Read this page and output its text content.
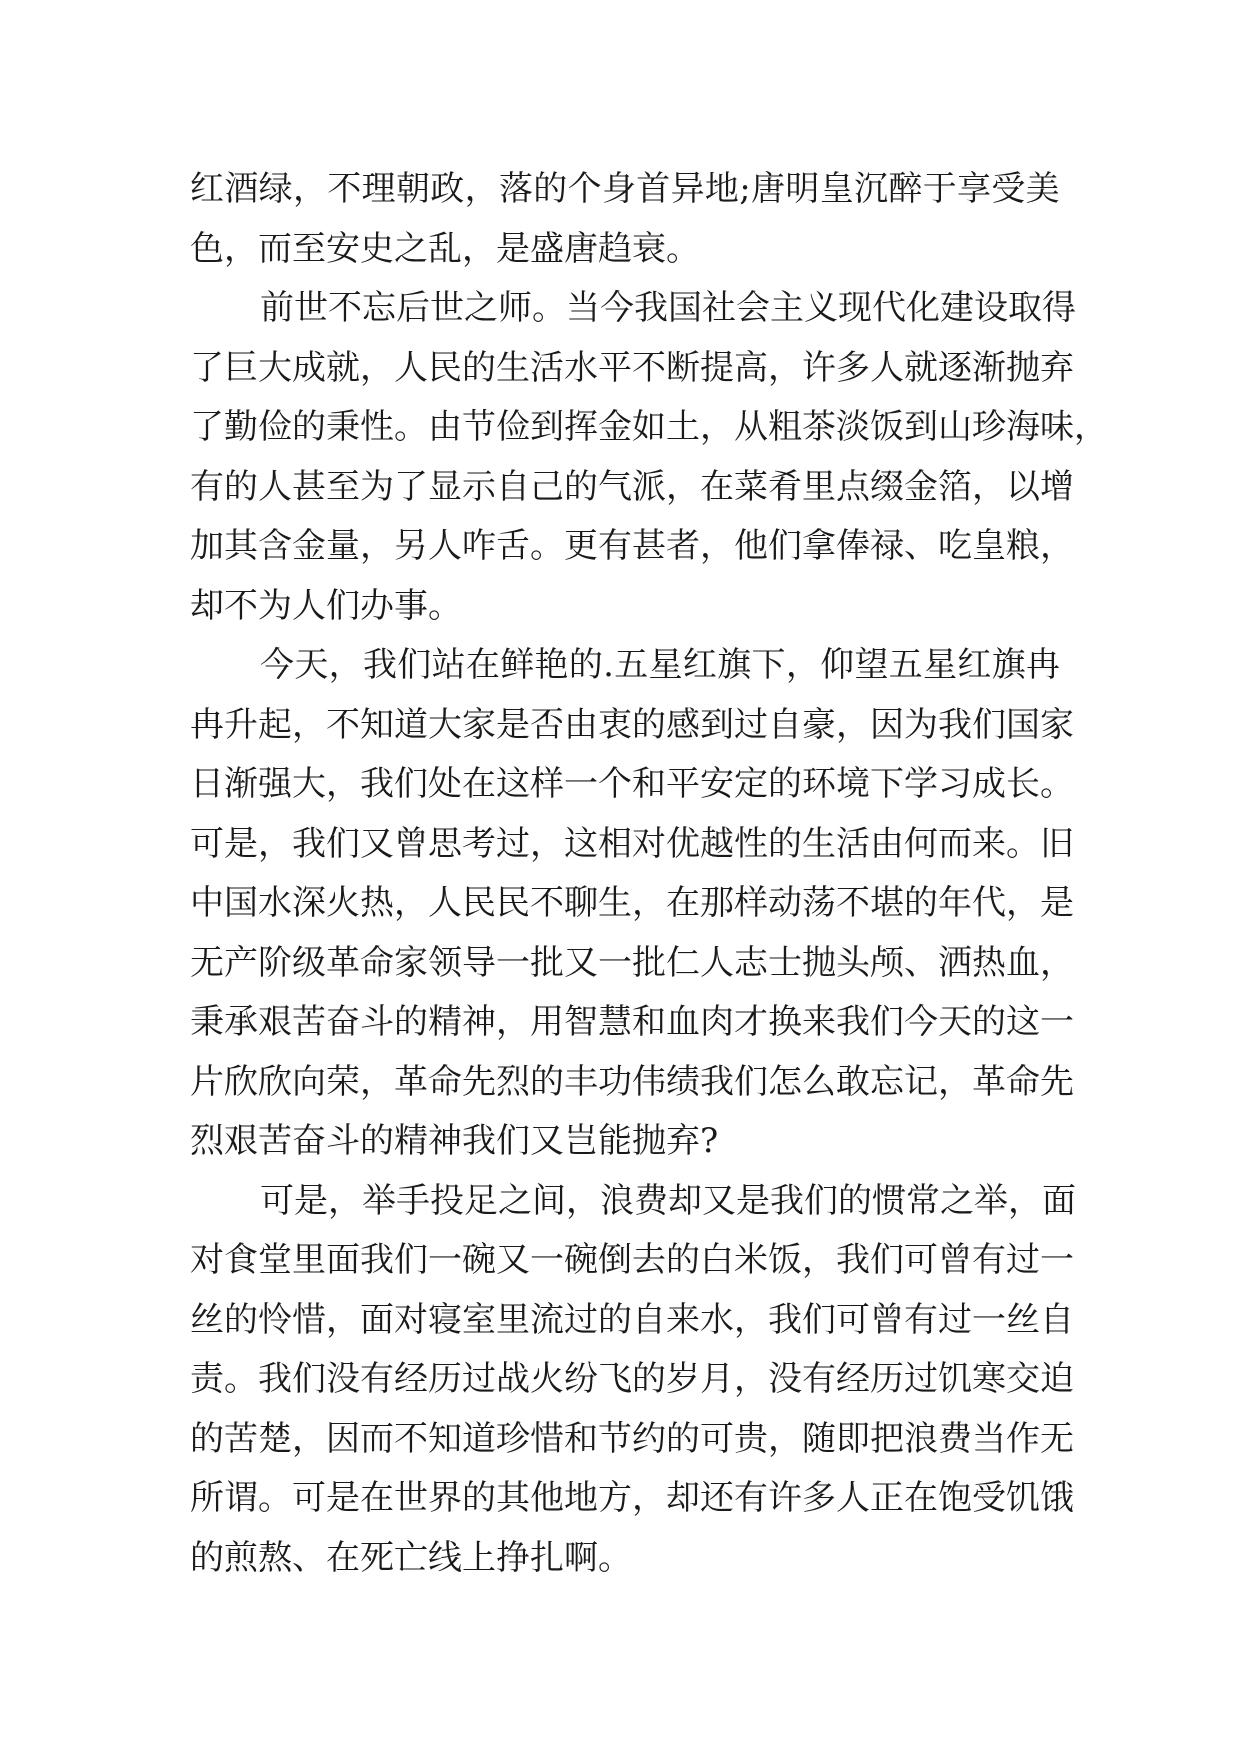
红 酒 绿 ， 不 理 朝 政 ， 落 的 个 身 首 异 地 ; 唐 明 皇 沉 醉 于 享 受 美
色，而至安史之乱，是盛唐趋衰。
前 世 不 忘 后 世 之 师 。 当 今 我 国 社 会 主 义 现 代 化 建 设 取 得
了 巨 大 成 就 ， 人 民 的 生 活 水 平 不 断 提 高 ， 许 多 人 就 逐 渐 抛 弃
了 勤 俭 的 秉 性 。 由 节 俭 到 挥 金 如 土 ， 从 粗 茶 淡 饭 到 山 珍 海 味 ，
有 的 人 甚 至 为 了 显 示 自 己 的 气 派 ， 在 菜 肴 里 点 缀 金 箔 ， 以 增
加 其 含 金 量 ， 另 人 咋 舌 。 更 有 甚 者 ， 他 们 拿 俸 禄 、 吃 皇 粮 ，
却不为人们办事。
今 天 ， 我 们 站 在 鲜 艳 的 . 五 星 红 旗 下 ， 仰 望 五 星 红 旗 冉
冉 升 起 ， 不 知 道 大 家 是 否 由 衷 的 感 到 过 自 豪 ， 因 为 我 们 国 家
日 渐 强 大 ， 我 们 处 在 这 样 一 个 和 平 安 定 的 环 境 下 学 习 成 长 。
可 是 ， 我 们 又 曾 思 考 过 ， 这 相 对 优 越 性 的 生 活 由 何 而 来 。 旧
中 国 水 深 火 热 ， 人 民 民 不 聊 生 ， 在 那 样 动 荡 不 堪 的 年 代 ， 是
无 产 阶 级 革 命 家 领 导 一 批 又 一 批 仁 人 志 士 抛 头 颅 、 洒 热 血 ，
秉 承 艰 苦 奋 斗 的 精 神 ， 用 智 慧 和 血 肉 才 换 来 我 们 今 天 的 这 一
片 欣 欣 向 荣 ， 革 命 先 烈 的 丰 功 伟 绩 我 们 怎 么 敢 忘 记 ， 革 命 先
烈艰苦奋斗的精神我们又岂能抛弃?
可 是 ， 举 手 投 足 之 间 ， 浪 费 却 又 是 我 们 的 惯 常 之 举 ， 面
对 食 堂 里 面 我 们 一 碗 又 一 碗 倒 去 的 白 米 饭 ， 我 们 可 曾 有 过 一
丝 的 怜 惜 ， 面 对 寝 室 里 流 过 的 自 来 水 ， 我 们 可 曾 有 过 一 丝 自
责 。 我 们 没 有 经 历 过 战 火 纷 飞 的 岁 月 ， 没 有 经 历 过 饥 寒 交 迫
的 苦 楚 ， 因 而 不 知 道 珍 惜 和 节 约 的 可 贵 ， 随 即 把 浪 费 当 作 无
所 谓 。 可 是 在 世 界 的 其 他 地 方 ， 却 还 有 许 多 人 正 在 饱 受 饥 饿
的煎熬、在死亡线上挣扎啊。
